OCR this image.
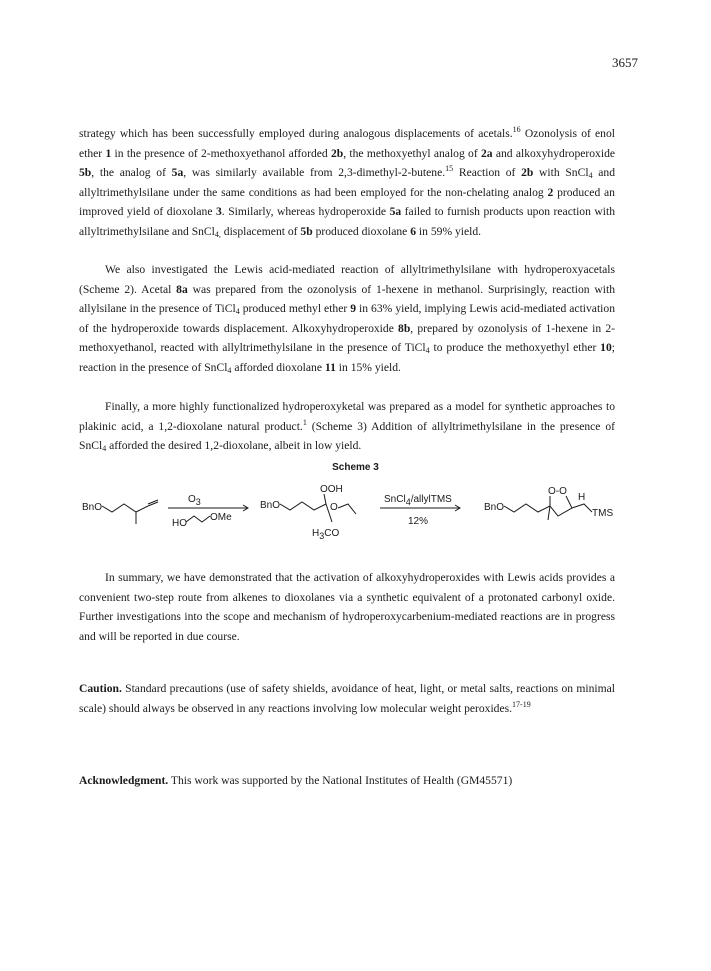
3657

strategy which has been successfully employed during analogous displacements of acetals.$^{16}$ Ozonolysis of enol ether 1 in the presence of 2-methoxyethanol afforded 2b, the methoxyethyl analog of 2a and alkoxyhydroperoxide 5b, the analog of 5a, was similarly available from 2,3-dimethyl-2-butene.$^{15}$ Reaction of 2b with SnCl$_4$ and allyltrimethylsilane under the same conditions as had been employed for the non-chelating analog 2 produced an improved yield of dioxolane 3. Similarly, whereas hydroperoxide 5a failed to furnish products upon reaction with allyltrimethylsilane and SnCl$_{4,}$ displacement of 5b produced dioxolane 6 in 59% yield.

We also investigated the Lewis acid-mediated reaction of allyltrimethylsilane with hydroperoxyacetals (Scheme 2). Acetal 8a was prepared from the ozonolysis of 1-hexene in methanol. Surprisingly, reaction with allylsilane in the presence of TiCl$_4$ produced methyl ether 9 in 63% yield, implying Lewis acid-mediated activation of the hydroperoxide towards displacement. Alkoxyhydroperoxide 8b, prepared by ozonolysis of 1-hexene in 2-methoxyethanol, reacted with allyltrimethylsilane in the presence of TiCl$_4$ to produce the methoxyethyl ether 10; reaction in the presence of SnCl$_4$ afforded dioxolane 11 in 15% yield.

Finally, a more highly functionalized hydroperoxyketal was prepared as a model for synthetic approaches to plakinic acid, a 1,2-dioxolane natural product.$^1$ (Scheme 3) Addition of allyltrimethylsilane in the presence of SnCl$_4$ afforded the desired 1,2-dioxolane, albeit in low yield.

Scheme 3
BnO
O3
HO
OMe
BnO
OOH
O
H3CO
SnCl4/allylTMS
12%
BnO
O-O
H
TMS

In summary, we have demonstrated that the activation of alkoxyhydroperoxides with Lewis acids provides a convenient two-step route from alkenes to dioxolanes via a synthetic equivalent of a protonated carbonyl oxide. Further investigations into the scope and mechanism of hydroperoxycarbenium-mediated reactions are in progress and will be reported in due course.

Caution. Standard precautions (use of safety shields, avoidance of heat, light, or metal salts, reactions on minimal scale) should always be observed in any reactions involving low molecular weight peroxides.$^{17-19}$

Acknowledgment. This work was supported by the National Institutes of Health (GM45571)
